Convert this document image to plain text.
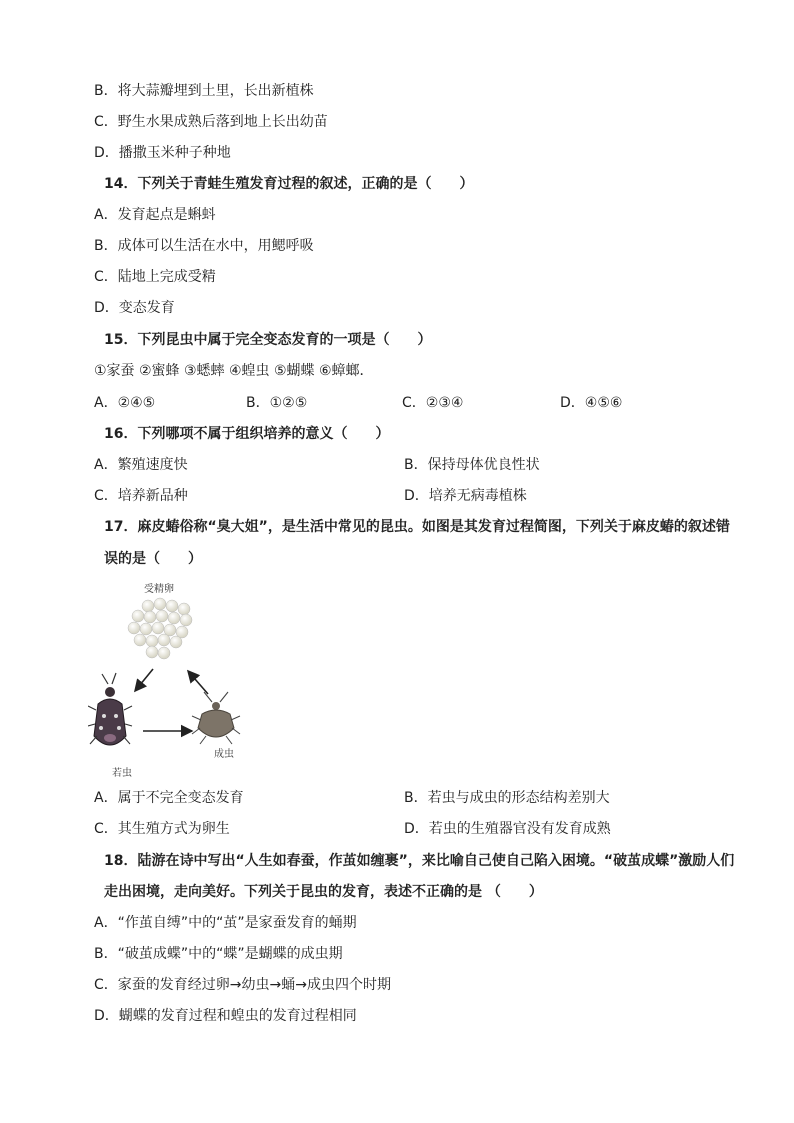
B．将大蒜瓣埋到土里，长出新植株
C．野生水果成熟后落到地上长出幼苗
D．播撒玉米种子种地
14．下列关于青蛙生殖发育过程的叙述，正确的是（　　）
A．发育起点是蝌蚪
B．成体可以生活在水中，用鳃呼吸
C．陆地上完成受精
D．变态发育
15．下列昆虫中属于完全变态发育的一项是（　　）
①家蚕 ②蜜蜂 ③蟋蟀 ④蝗虫 ⑤蝴蝶 ⑥蟑螂．
A．②④⑤	B．①②⑤	C．②③④	D．④⑤⑥
16．下列哪项不属于组织培养的意义（　　）
A．繁殖速度快	B．保持母体优良性状
C．培养新品种	D．培养无病毒植株
17．麻皮蝽俗称“臭大姐”，是生活中常见的昆虫。如图是其发育过程简图，下列关于麻皮蝽的叙述错
误的是（　　）
受精卵
若虫
成虫
A．属于不完全变态发育	B．若虫与成虫的形态结构差别大
C．其生殖方式为卵生	D．若虫的生殖器官没有发育成熟
18．陆游在诗中写出“人生如春蚕，作茧如缠裹”，来比喻自己使自己陷入困境。“破茧成蝶”激励人们
走出困境，走向美好。下列关于昆虫的发育，表述不正确的是 （　　）
A．“作茧自缚”中的“茧”是家蚕发育的蛹期
B．“破茧成蝶”中的“蝶”是蝴蝶的成虫期
C．家蚕的发育经过卵→幼虫→蛹→成虫四个时期
D．蝴蝶的发育过程和蝗虫的发育过程相同
